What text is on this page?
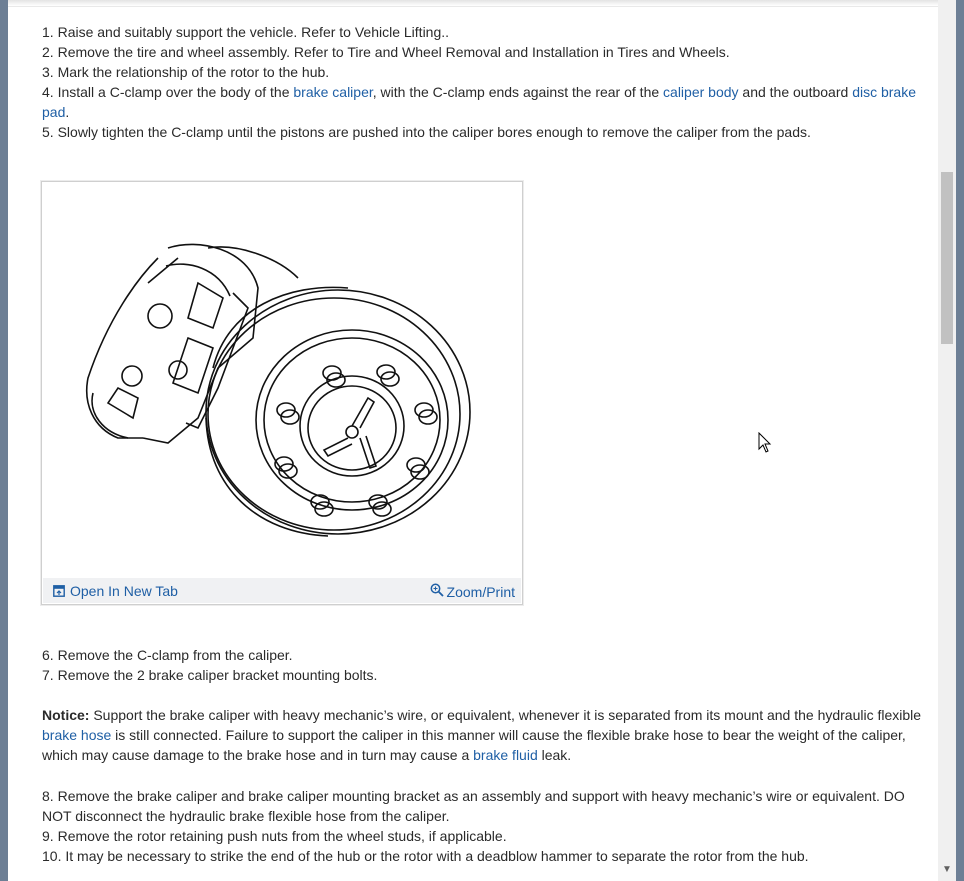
1. Raise and suitably support the vehicle. Refer to Vehicle Lifting..

2. Remove the tire and wheel assembly. Refer to Tire and Wheel Removal and Installation in Tires and Wheels.

3. Mark the relationship of the rotor to the hub.

4. Install a C-clamp over the body of the brake caliper, with the C-clamp ends against the rear of the caliper body and the outboard disc brake pad.

5. Slowly tighten the C-clamp until the pistons are pushed into the caliper bores enough to remove the caliper from the pads.

Open In New Tab	Zoom/Print

6. Remove the C-clamp from the caliper.

7. Remove the 2 brake caliper bracket mounting bolts.

Notice: Support the brake caliper with heavy mechanic’s wire, or equivalent, whenever it is separated from its mount and the hydraulic flexible brake hose is still connected. Failure to support the caliper in this manner will cause the flexible brake hose to bear the weight of the caliper, which may cause damage to the brake hose and in turn may cause a brake fluid leak.

8. Remove the brake caliper and brake caliper mounting bracket as an assembly and support with heavy mechanic’s wire or equivalent. DO NOT disconnect the hydraulic brake flexible hose from the caliper.

9. Remove the rotor retaining push nuts from the wheel studs, if applicable.

10. It may be necessary to strike the end of the hub or the rotor with a deadblow hammer to separate the rotor from the hub.

▼
